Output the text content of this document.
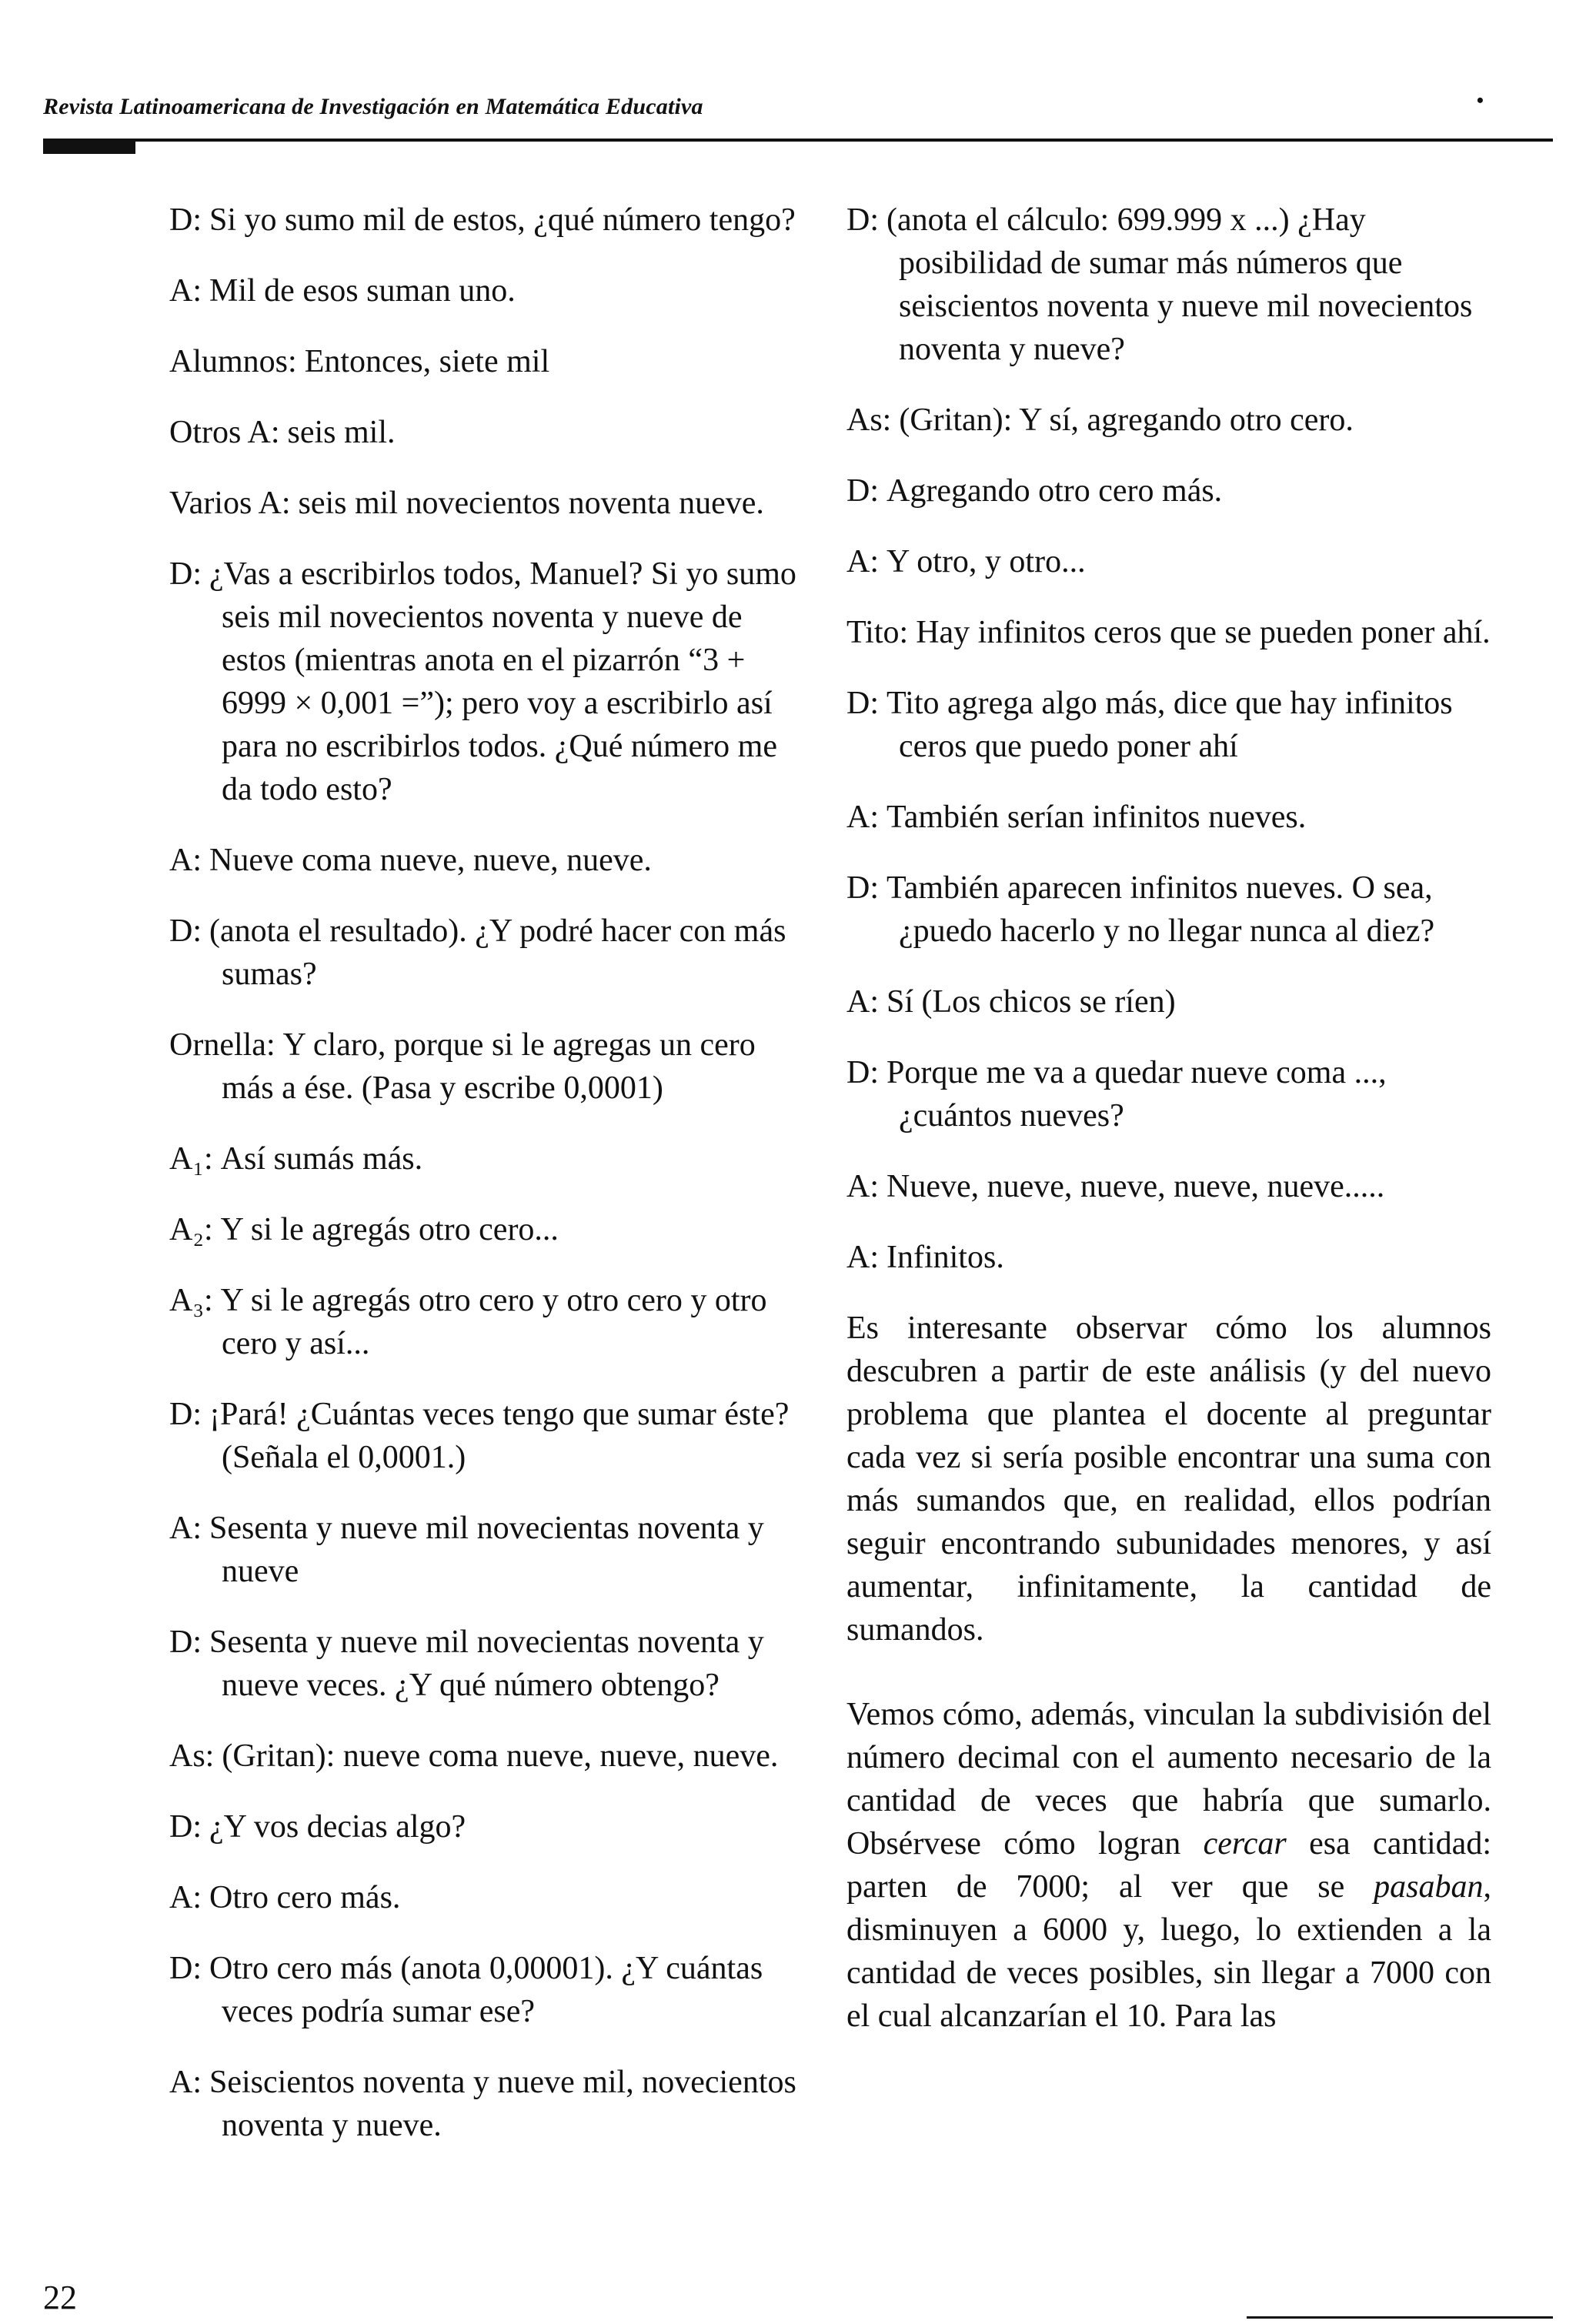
Revista Latinoamericana de Investigación en Matemática Educativa	•

D: Si yo sumo mil de estos, ¿qué número tengo?

A: Mil de esos suman uno.

Alumnos: Entonces, siete mil

Otros A: seis mil.

Varios A: seis mil novecientos noventa nueve.

D: ¿Vas a escribirlos todos, Manuel? Si yo sumo seis mil novecientos noventa y nueve de estos (mientras anota en el pizarrón “3 + 6999 × 0,001 =”); pero voy a escribirlo así para no escribirlos todos. ¿Qué número me da todo esto?

A: Nueve coma nueve, nueve, nueve.

D: (anota el resultado). ¿Y podré hacer con más sumas?

Ornella: Y claro, porque si le agregas un cero más a ése. (Pasa y escribe 0,0001)

A₁: Así sumás más.

A₂: Y si le agregás otro cero...

A₃: Y si le agregás otro cero y otro cero y otro cero y así...

D: ¡Pará! ¿Cuántas veces tengo que sumar éste? (Señala el 0,0001.)

A: Sesenta y nueve mil novecientas noventa y nueve

D: Sesenta y nueve mil novecientas noventa y nueve veces. ¿Y qué número obtengo?

As: (Gritan): nueve coma nueve, nueve, nueve.

D: ¿Y vos decias algo?

A: Otro cero más.

D: Otro cero más (anota 0,00001). ¿Y cuántas veces podría sumar ese?

A: Seiscientos noventa y nueve mil, novecientos noventa y nueve.

D: (anota el cálculo: 699.999 x ...) ¿Hay posibilidad de sumar más números que seiscientos noventa y nueve mil novecientos noventa y nueve?

As: (Gritan): Y sí, agregando otro cero.

D: Agregando otro cero más.

A: Y otro, y otro...

Tito: Hay infinitos ceros que se pueden poner ahí.

D: Tito agrega algo más, dice que hay infinitos ceros que puedo poner ahí

A: También serían infinitos nueves.

D: También aparecen infinitos nueves. O sea, ¿puedo hacerlo y no llegar nunca al diez?

A: Sí (Los chicos se ríen)

D: Porque me va a quedar nueve coma ..., ¿cuántos nueves?

A: Nueve, nueve, nueve, nueve, nueve.....

A: Infinitos.

Es interesante observar cómo los alumnos descubren a partir de este análisis (y del nuevo problema que plantea el docente al preguntar cada vez si sería posible encontrar una suma con más sumandos que, en realidad, ellos podrían seguir encontrando subunidades menores, y así aumentar, infinitamente, la cantidad de sumandos.

Vemos cómo, además, vinculan la subdivisión del número decimal con el aumento necesario de la cantidad de veces que habría que sumarlo. Obsérvese cómo logran cercar esa cantidad: parten de 7000; al ver que se pasaban, disminuyen a 6000 y, luego, lo extienden a la cantidad de veces posibles, sin llegar a 7000 con el cual alcanzarían el 10. Para las

22
